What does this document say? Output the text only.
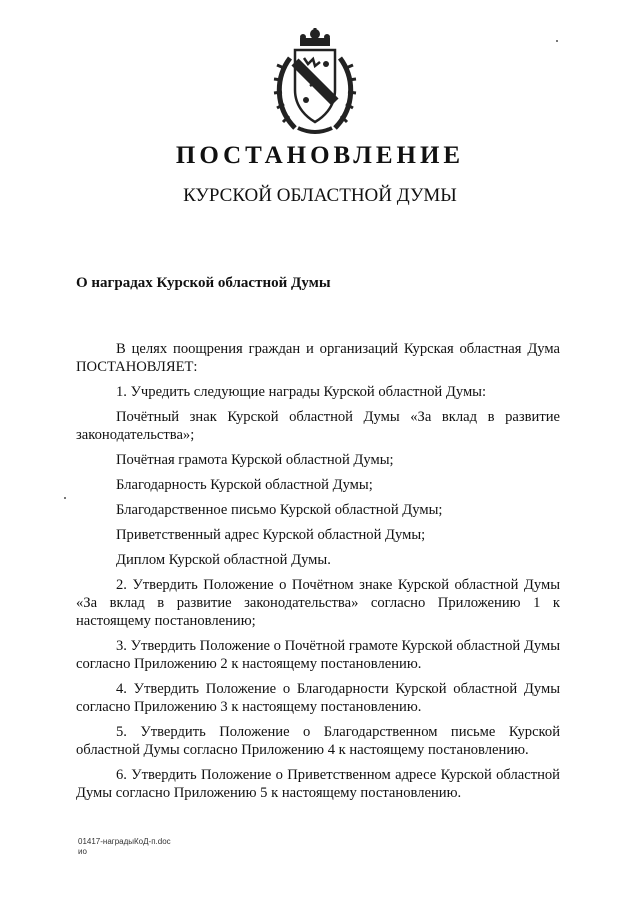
ПОСТАНОВЛЕНИЕ
КУРСКОЙ ОБЛАСТНОЙ ДУМЫ
О наградах Курской областной Думы

В целях поощрения граждан и организаций Курская областная Дума ПОСТАНОВЛЯЕТ:

1. Учредить следующие награды Курской областной Думы:

Почётный знак Курской областной Думы «За вклад в развитие законодательства»;

Почётная грамота Курской областной Думы;

Благодарность Курской областной Думы;

Благодарственное письмо Курской областной Думы;

Приветственный адрес Курской областной Думы;

Диплом Курской областной Думы.

2. Утвердить Положение о Почётном знаке Курской областной Думы «За вклад в развитие законодательства» согласно Приложению 1 к настоящему постановлению;

3. Утвердить Положение о Почётной грамоте Курской областной Думы согласно Приложению 2 к настоящему постановлению.

4. Утвердить Положение о Благодарности Курской областной Думы согласно Приложению 3 к настоящему постановлению.

5. Утвердить Положение о Благодарственном письме Курской областной Думы согласно Приложению 4 к настоящему постановлению.

6. Утвердить Положение о Приветственном адресе Курской областной Думы согласно Приложению 5 к настоящему постановлению.

01417-наградыКоД-п.doc
ио
